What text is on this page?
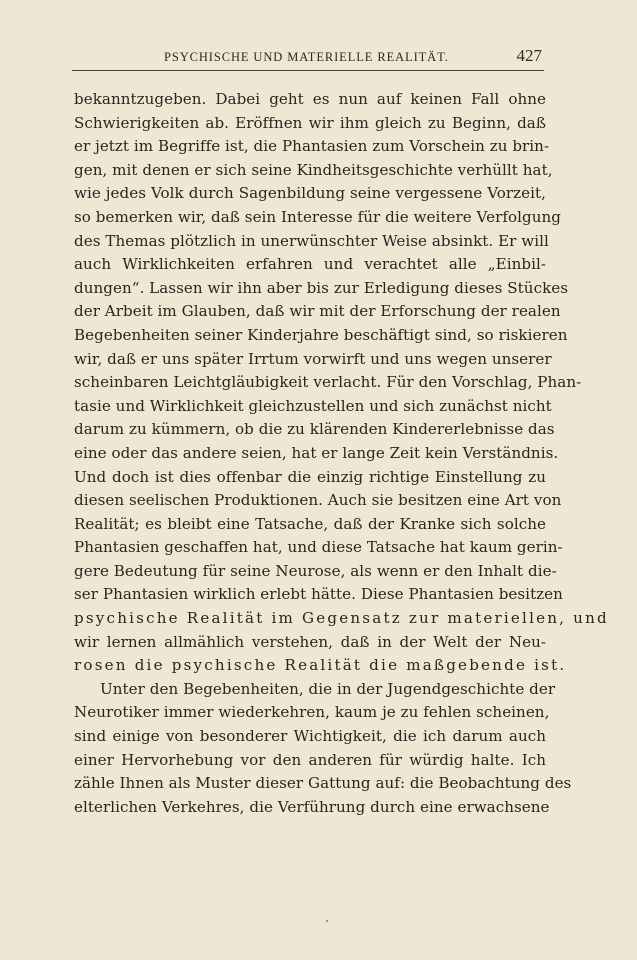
PSYCHISCHE UND MATERIELLE REALITÄT.	427
bekanntzugeben. Dabei geht es nun auf keinen Fall ohne
Schwierigkeiten ab. Eröffnen wir ihm gleich zu Beginn, daß
er jetzt im Begriffe ist, die Phantasien zum Vorschein zu brin-
gen, mit denen er sich seine Kindheitsgeschichte verhüllt hat,
wie jedes Volk durch Sagenbildung seine vergessene Vorzeit,
so bemerken wir, daß sein Interesse für die weitere Verfolgung
des Themas plötzlich in unerwünschter Weise absinkt. Er will
auch Wirklichkeiten erfahren und verachtet alle „Einbil-
dungen“. Lassen wir ihn aber bis zur Erledigung dieses Stückes
der Arbeit im Glauben, daß wir mit der Erforschung der realen
Begebenheiten seiner Kinderjahre beschäftigt sind, so riskieren
wir, daß er uns später Irrtum vorwirft und uns wegen unserer
scheinbaren Leichtgläubigkeit verlacht. Für den Vorschlag, Phan-
tasie und Wirklichkeit gleichzustellen und sich zunächst nicht
darum zu kümmern, ob die zu klärenden Kindererlebnisse das
eine oder das andere seien, hat er lange Zeit kein Verständnis.
Und doch ist dies offenbar die einzig richtige Einstellung zu
diesen seelischen Produktionen. Auch sie besitzen eine Art von
Realität; es bleibt eine Tatsache, daß der Kranke sich solche
Phantasien geschaffen hat, und diese Tatsache hat kaum gerin-
gere Bedeutung für seine Neurose, als wenn er den Inhalt die-
ser Phantasien wirklich erlebt hätte. Diese Phantasien besitzen
psychische Realität im Gegensatz zur materiellen, und
wir lernen allmählich verstehen, daß in der Welt der Neu-
rosen die psychische Realität die maßgebende ist.
Unter den Begebenheiten, die in der Jugendgeschichte der
Neurotiker immer wiederkehren, kaum je zu fehlen scheinen,
sind einige von besonderer Wichtigkeit, die ich darum auch
einer Hervorhebung vor den anderen für würdig halte. Ich
zähle Ihnen als Muster dieser Gattung auf: die Beobachtung des
elterlichen Verkehres, die Verführung durch eine erwachsene
